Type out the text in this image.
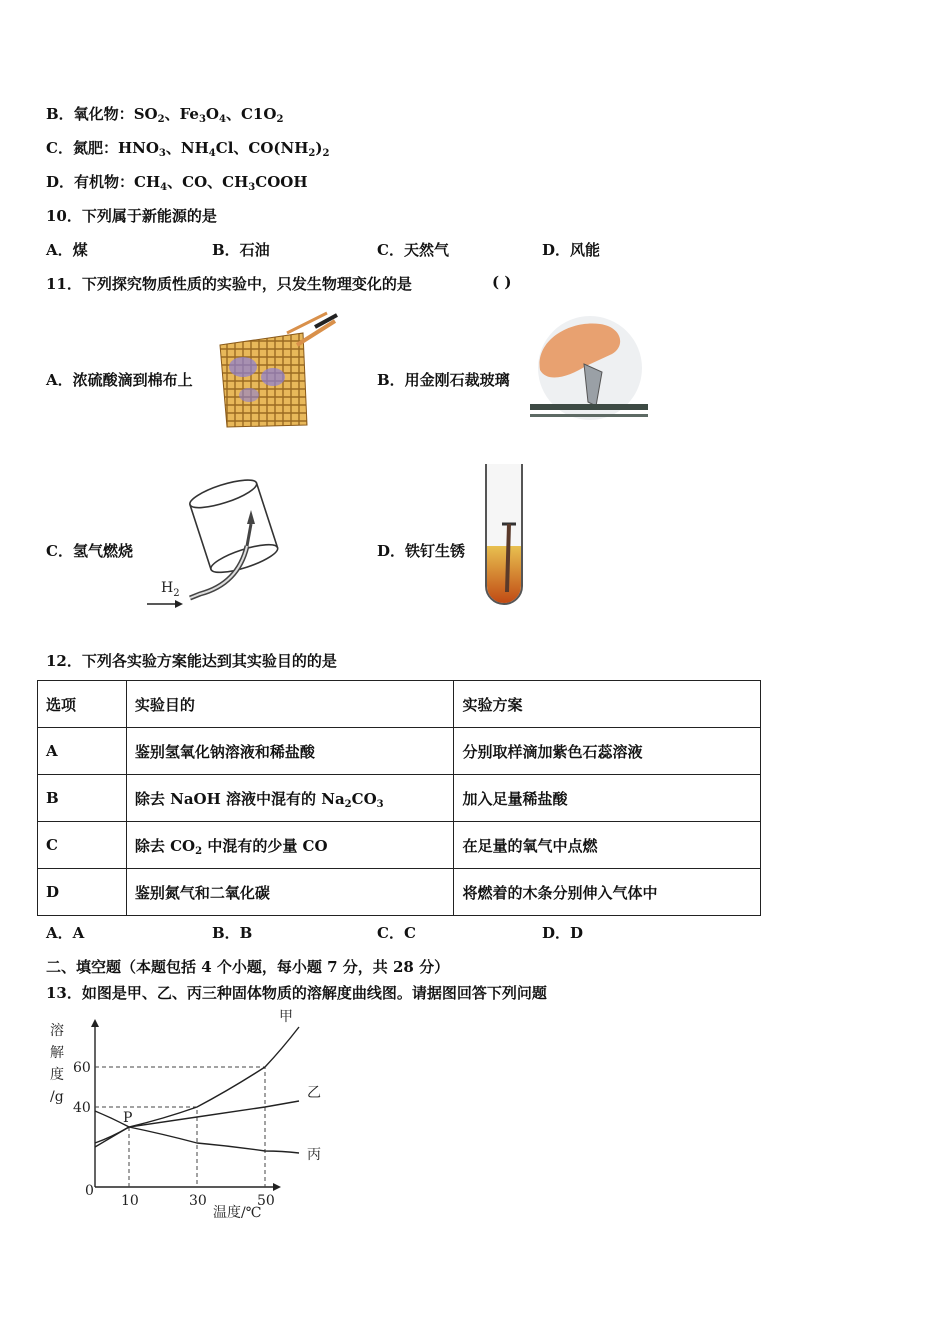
B．氧化物：$SO_2$、$Fe_3O_4$、$C1O_2$
C．氮肥：$HNO_3$、$NH_4Cl$、$CO(NH_2)_2$
D．有机物：$CH_4$、CO、$CH_3COOH$
10．下列属于新能源的是
A．煤	B．石油	C．天然气	D．风能
11．下列探究物质性质的实验中，只发生物理变化的是	( )
A．浓硫酸滴到棉布上	B．用金刚石裁玻璃
C．氢气燃烧
$H_2$
D．铁钉生锈
12．下列各实验方案能达到其实验目的的是
选项	实验目的	实验方案
A	鉴别氢氧化钠溶液和稀盐酸	分别取样滴加紫色石蕊溶液
B	除去 NaOH 溶液中混有的 $Na_2CO_3$	加入足量稀盐酸
C	除去 $CO_2$ 中混有的少量 CO	在足量的氧气中点燃
D	鉴别氮气和二氧化碳	将燃着的木条分别伸入气体中
A．A	B．B	C．C	D．D
二、填空题（本题包括 4 个小题，每小题 7 分，共 28 分）
13．如图是甲、乙、丙三种固体物质的溶解度曲线图。请据图回答下列问题
溶
解
度
/g
温度/℃
0
10	30	50
40
60
甲
乙
丙
P
